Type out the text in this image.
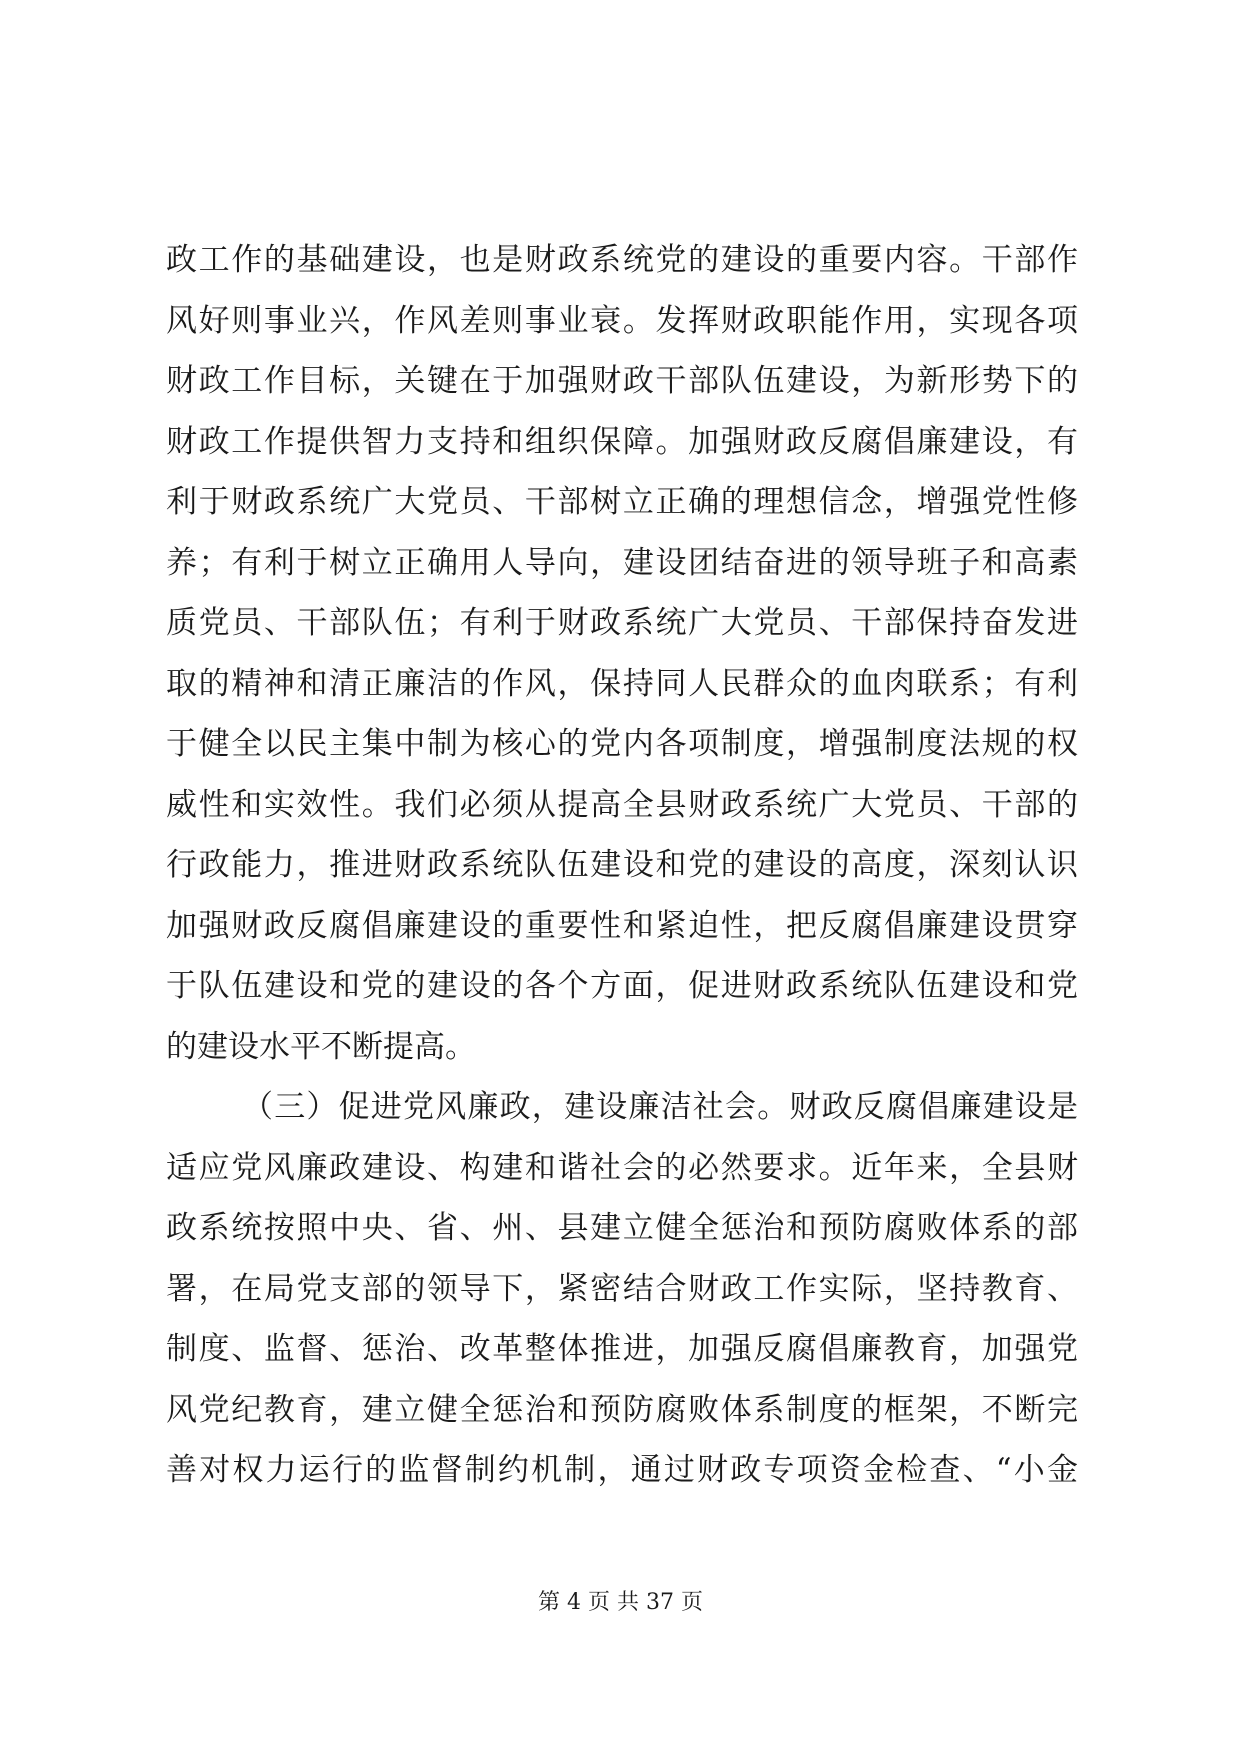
政工作的基础建设，也是财政系统党的建设的重要内容。干部作
风好则事业兴，作风差则事业衰。发挥财政职能作用，实现各项
财政工作目标，关键在于加强财政干部队伍建设，为新形势下的
财政工作提供智力支持和组织保障。加强财政反腐倡廉建设，有
利于财政系统广大党员、干部树立正确的理想信念，增强党性修
养；有利于树立正确用人导向，建设团结奋进的领导班子和高素
质党员、干部队伍；有利于财政系统广大党员、干部保持奋发进
取的精神和清正廉洁的作风，保持同人民群众的血肉联系；有利
于健全以民主集中制为核心的党内各项制度，增强制度法规的权
威性和实效性。我们必须从提高全县财政系统广大党员、干部的
行政能力，推进财政系统队伍建设和党的建设的高度，深刻认识
加强财政反腐倡廉建设的重要性和紧迫性，把反腐倡廉建设贯穿
于队伍建设和党的建设的各个方面，促进财政系统队伍建设和党
的建设水平不断提高。
（三）促进党风廉政，建设廉洁社会。财政反腐倡廉建设是
适应党风廉政建设、构建和谐社会的必然要求。近年来，全县财
政系统按照中央、省、州、县建立健全惩治和预防腐败体系的部
署，在局党支部的领导下，紧密结合财政工作实际，坚持教育、
制度、监督、惩治、改革整体推进，加强反腐倡廉教育，加强党
风党纪教育，建立健全惩治和预防腐败体系制度的框架，不断完
善对权力运行的监督制约机制，通过财政专项资金检查、“小金
第 4 页 共 37 页
